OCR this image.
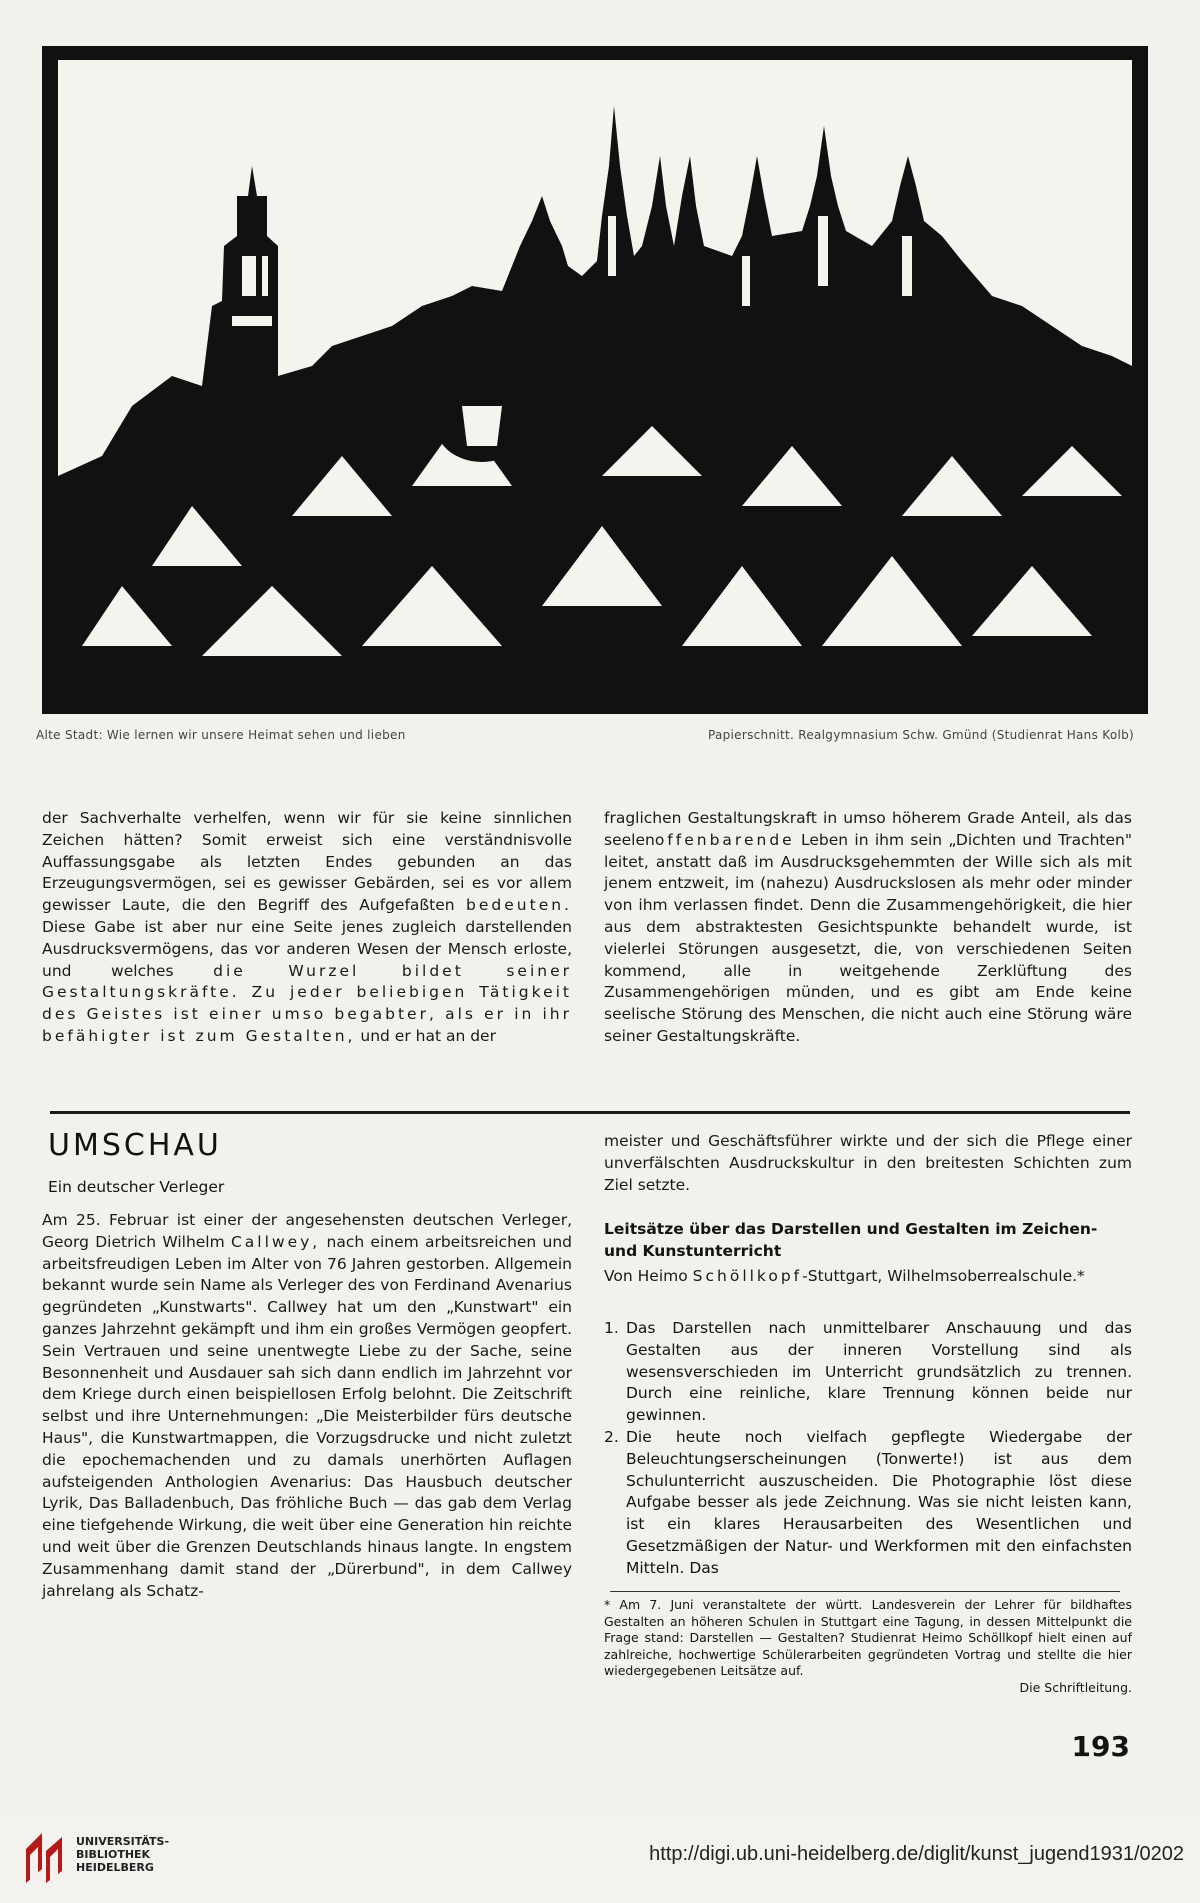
Alte Stadt: Wie lernen wir unsere Heimat sehen und lieben	Papierschnitt. Realgymnasium Schw. Gmünd (Studienrat Hans Kolb)

der Sachverhalte verhelfen, wenn wir für sie keine sinnlichen Zeichen hätten? Somit erweist sich eine verständnisvolle Auffassungsgabe als letzten Endes gebunden an das Erzeugungsvermögen, sei es gewisser Gebärden, sei es vor allem gewisser Laute, die den Begriff des Aufgefaßten bedeuten. Diese Gabe ist aber nur eine Seite jenes zugleich darstellenden Ausdrucksvermögens, das vor anderen Wesen der Mensch erloste, und welches	die Wurzel bildet seiner Gestaltungskräfte. Zu jeder beliebigen Tätigkeit des Geistes ist einer umso begabter, als er in ihr befähigter ist zum Gestalten, und er hat an der

fraglichen Gestaltungskraft in umso höherem Grade Anteil, als das seelenoffenbarende Leben in ihm sein „Dichten und Trachten" leitet, anstatt daß im Ausdrucksgehemmten der Wille sich als mit jenem entzweit, im (nahezu) Ausdruckslosen als mehr oder minder von ihm verlassen findet. Denn die Zusammengehörigkeit, die hier aus dem abstraktesten Gesichtspunkte behandelt wurde, ist vielerlei Störungen ausgesetzt, die, von verschiedenen Seiten kommend, alle in weitgehende Zerklüftung des Zusammengehörigen münden, und es gibt am Ende keine seelische Störung des Menschen, die nicht auch eine Störung wäre seiner Gestaltungskräfte.

UMSCHAU
Ein deutscher Verleger

Am 25. Februar ist einer der angesehensten deutschen Verleger, Georg Dietrich Wilhelm Callwey, nach einem arbeitsreichen und arbeitsfreudigen Leben im Alter von 76 Jahren gestorben. Allgemein bekannt wurde sein Name als Verleger des von Ferdinand Avenarius gegründeten „Kunstwarts". Callwey hat um den „Kunstwart" ein ganzes Jahrzehnt gekämpft und ihm ein großes Vermögen geopfert. Sein Vertrauen und seine unentwegte Liebe zu der Sache, seine Besonnenheit und Ausdauer sah sich dann endlich im Jahrzehnt vor dem Kriege durch einen beispiellosen Erfolg belohnt. Die Zeitschrift selbst und ihre Unternehmungen: „Die Meisterbilder fürs deutsche Haus", die Kunstwartmappen, die Vorzugsdrucke und nicht zuletzt die epochemachenden und zu damals unerhörten Auflagen aufsteigenden Anthologien Avenarius: Das Hausbuch deutscher Lyrik, Das Balladenbuch, Das fröhliche Buch — das gab dem Verlag eine tiefgehende Wirkung, die weit über eine Generation hin reichte und weit über die Grenzen Deutschlands hinaus langte. In engstem Zusammenhang damit stand der „Dürerbund", in dem Callwey jahrelang als Schatz-

meister und Geschäftsführer wirkte und der sich die Pflege einer unverfälschten Ausdruckskultur in den breitesten Schichten zum Ziel setzte.

Leitsätze über das Darstellen und Gestalten im Zeichen- und Kunstunterricht

Von Heimo Schöllkopf-Stuttgart, Wilhelmsoberrealschule.*

1. Das Darstellen nach unmittelbarer Anschauung und das Gestalten aus der inneren Vorstellung sind als wesensverschieden im Unterricht grundsätzlich zu trennen. Durch eine reinliche, klare Trennung können beide nur gewinnen.
2. Die heute noch vielfach gepflegte Wiedergabe der Beleuchtungserscheinungen (Tonwerte!) ist aus dem Schulunterricht auszuscheiden. Die Photographie löst diese Aufgabe besser als jede Zeichnung. Was sie nicht leisten kann, ist ein klares Herausarbeiten des Wesentlichen und Gesetzmäßigen der Natur- und Werkformen mit den einfachsten Mitteln. Das
* Am 7. Juni veranstaltete der württ. Landesverein der Lehrer für bildhaftes Gestalten an höheren Schulen in Stuttgart eine Tagung, in dessen Mittelpunkt die Frage stand: Darstellen — Gestalten? Studienrat Heimo Schöllkopf hielt einen auf zahlreiche, hochwertige Schülerarbeiten gegründeten Vortrag und stellte die hier wiedergegebenen Leitsätze auf.
Die Schriftleitung.
193
UNIVERSITÄTS-
BIBLIOTHEK
HEIDELBERG
http://digi.ub.uni-heidelberg.de/diglit/kunst_jugend1931/0202
